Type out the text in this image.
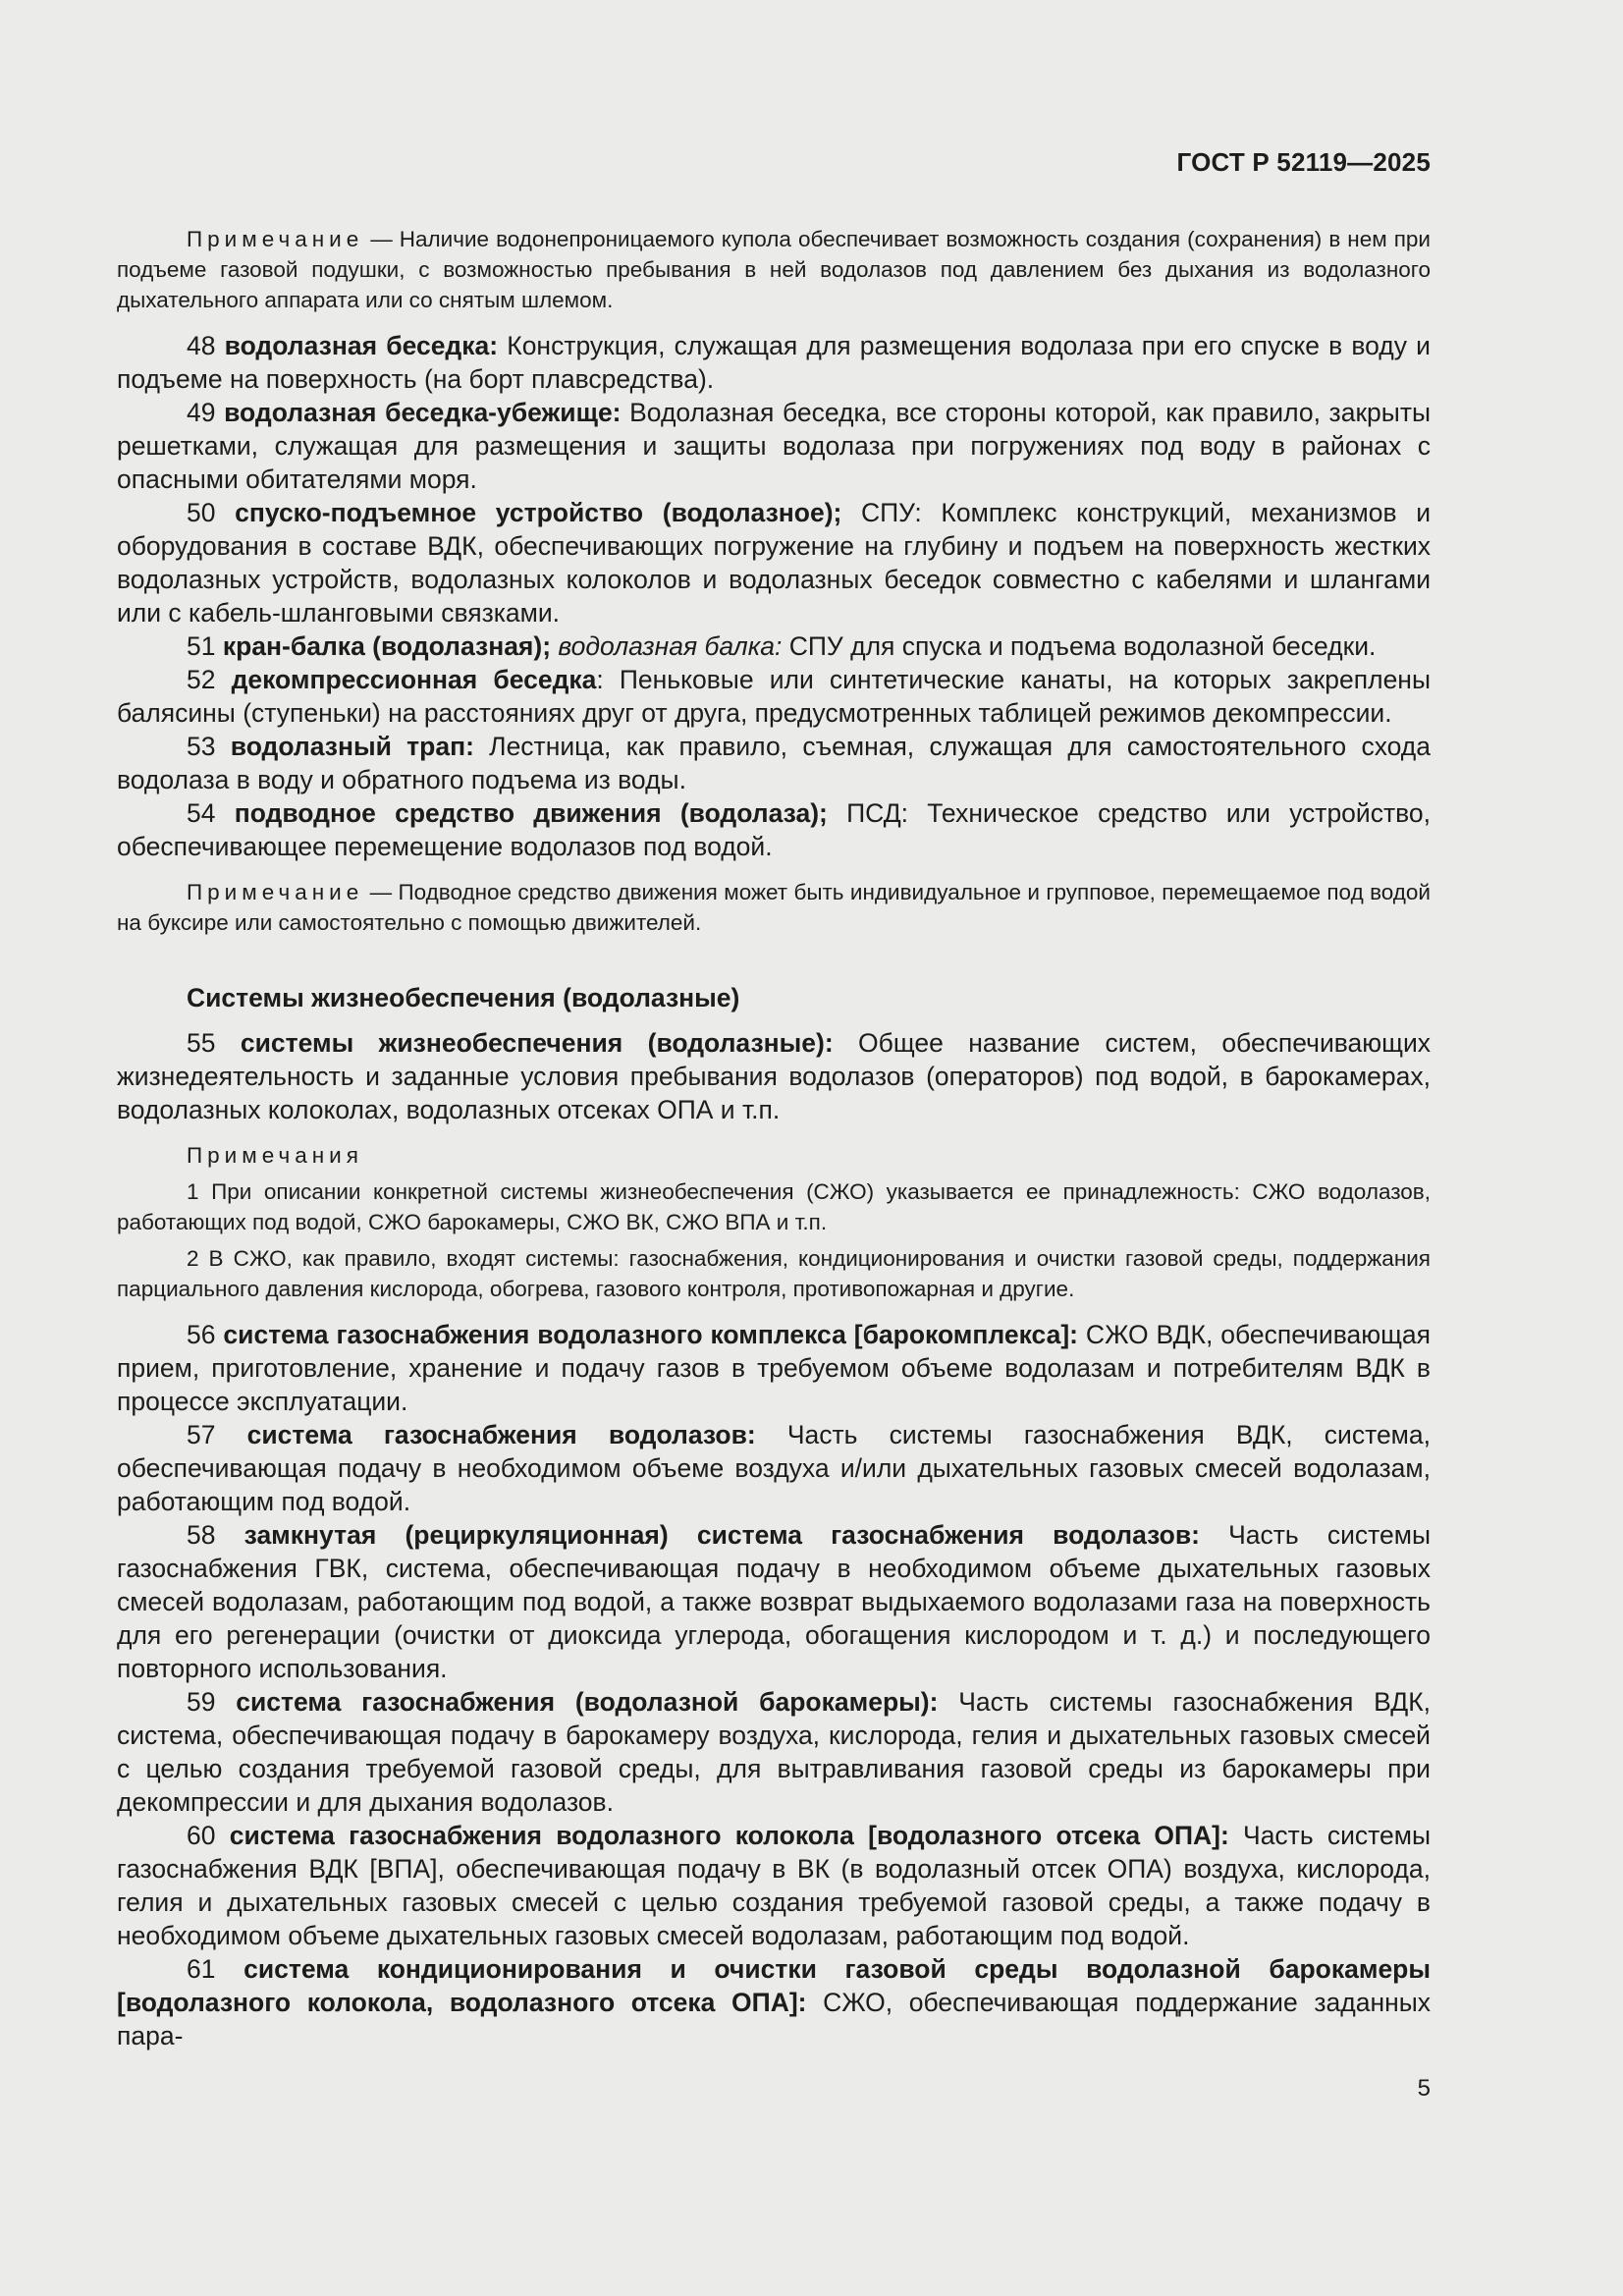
ГОСТ Р 52119—2025

Примечание — Наличие водонепроницаемого купола обеспечивает возможность создания (сохранения) в нем при подъеме газовой подушки, с возможностью пребывания в ней водолазов под давлением без дыхания из водолазного дыхательного аппарата или со снятым шлемом.

48 водолазная беседка: Конструкция, служащая для размещения водолаза при его спуске в воду и подъеме на поверхность (на борт плавсредства).

49 водолазная беседка-убежище: Водолазная беседка, все стороны которой, как правило, закрыты решетками, служащая для размещения и защиты водолаза при погружениях под воду в районах с опасными обитателями моря.

50 спуско-подъемное устройство (водолазное); СПУ: Комплекс конструкций, механизмов и оборудования в составе ВДК, обеспечивающих погружение на глубину и подъем на поверхность жестких водолазных устройств, водолазных колоколов и водолазных беседок совместно с кабелями и шлангами или с кабель-шланговыми связками.

51 кран-балка (водолазная); водолазная балка: СПУ для спуска и подъема водолазной беседки.

52 декомпрессионная беседка: Пеньковые или синтетические канаты, на которых закреплены балясины (ступеньки) на расстояниях друг от друга, предусмотренных таблицей режимов декомпрессии.

53 водолазный трап: Лестница, как правило, съемная, служащая для самостоятельного схода водолаза в воду и обратного подъема из воды.

54 подводное средство движения (водолаза); ПСД: Техническое средство или устройство, обеспечивающее перемещение водолазов под водой.

Примечание — Подводное средство движения может быть индивидуальное и групповое, перемещаемое под водой на буксире или самостоятельно с помощью движителей.

Системы жизнеобеспечения (водолазные)

55 системы жизнеобеспечения (водолазные): Общее название систем, обеспечивающих жизнедеятельность и заданные условия пребывания водолазов (операторов) под водой, в барокамерах, водолазных колоколах, водолазных отсеках ОПА и т.п.

Примечания

1 При описании конкретной системы жизнеобеспечения (СЖО) указывается ее принадлежность: СЖО водолазов, работающих под водой, СЖО барокамеры, СЖО ВК, СЖО ВПА и т.п.

2 В СЖО, как правило, входят системы: газоснабжения, кондиционирования и очистки газовой среды, поддержания парциального давления кислорода, обогрева, газового контроля, противопожарная и другие.

56 система газоснабжения водолазного комплекса [барокомплекса]: СЖО ВДК, обеспечивающая прием, приготовление, хранение и подачу газов в требуемом объеме водолазам и потребителям ВДК в процессе эксплуатации.

57 система газоснабжения водолазов: Часть системы газоснабжения ВДК, система, обеспечивающая подачу в необходимом объеме воздуха и/или дыхательных газовых смесей водолазам, работающим под водой.

58 замкнутая (рециркуляционная) система газоснабжения водолазов: Часть системы газоснабжения ГВК, система, обеспечивающая подачу в необходимом объеме дыхательных газовых смесей водолазам, работающим под водой, а также возврат выдыхаемого водолазами газа на поверхность для его регенерации (очистки от диоксида углерода, обогащения кислородом и т. д.) и последующего повторного использования.

59 система газоснабжения (водолазной барокамеры): Часть системы газоснабжения ВДК, система, обеспечивающая подачу в барокамеру воздуха, кислорода, гелия и дыхательных газовых смесей с целью создания требуемой газовой среды, для вытравливания газовой среды из барокамеры при декомпрессии и для дыхания водолазов.

60 система газоснабжения водолазного колокола [водолазного отсека ОПА]: Часть системы газоснабжения ВДК [ВПА], обеспечивающая подачу в ВК (в водолазный отсек ОПА) воздуха, кислорода, гелия и дыхательных газовых смесей с целью создания требуемой газовой среды, а также подачу в необходимом объеме дыхательных газовых смесей водолазам, работающим под водой.

61 система кондиционирования и очистки газовой среды водолазной барокамеры [водолазного колокола, водолазного отсека ОПА]: СЖО, обеспечивающая поддержание заданных пара-

5
